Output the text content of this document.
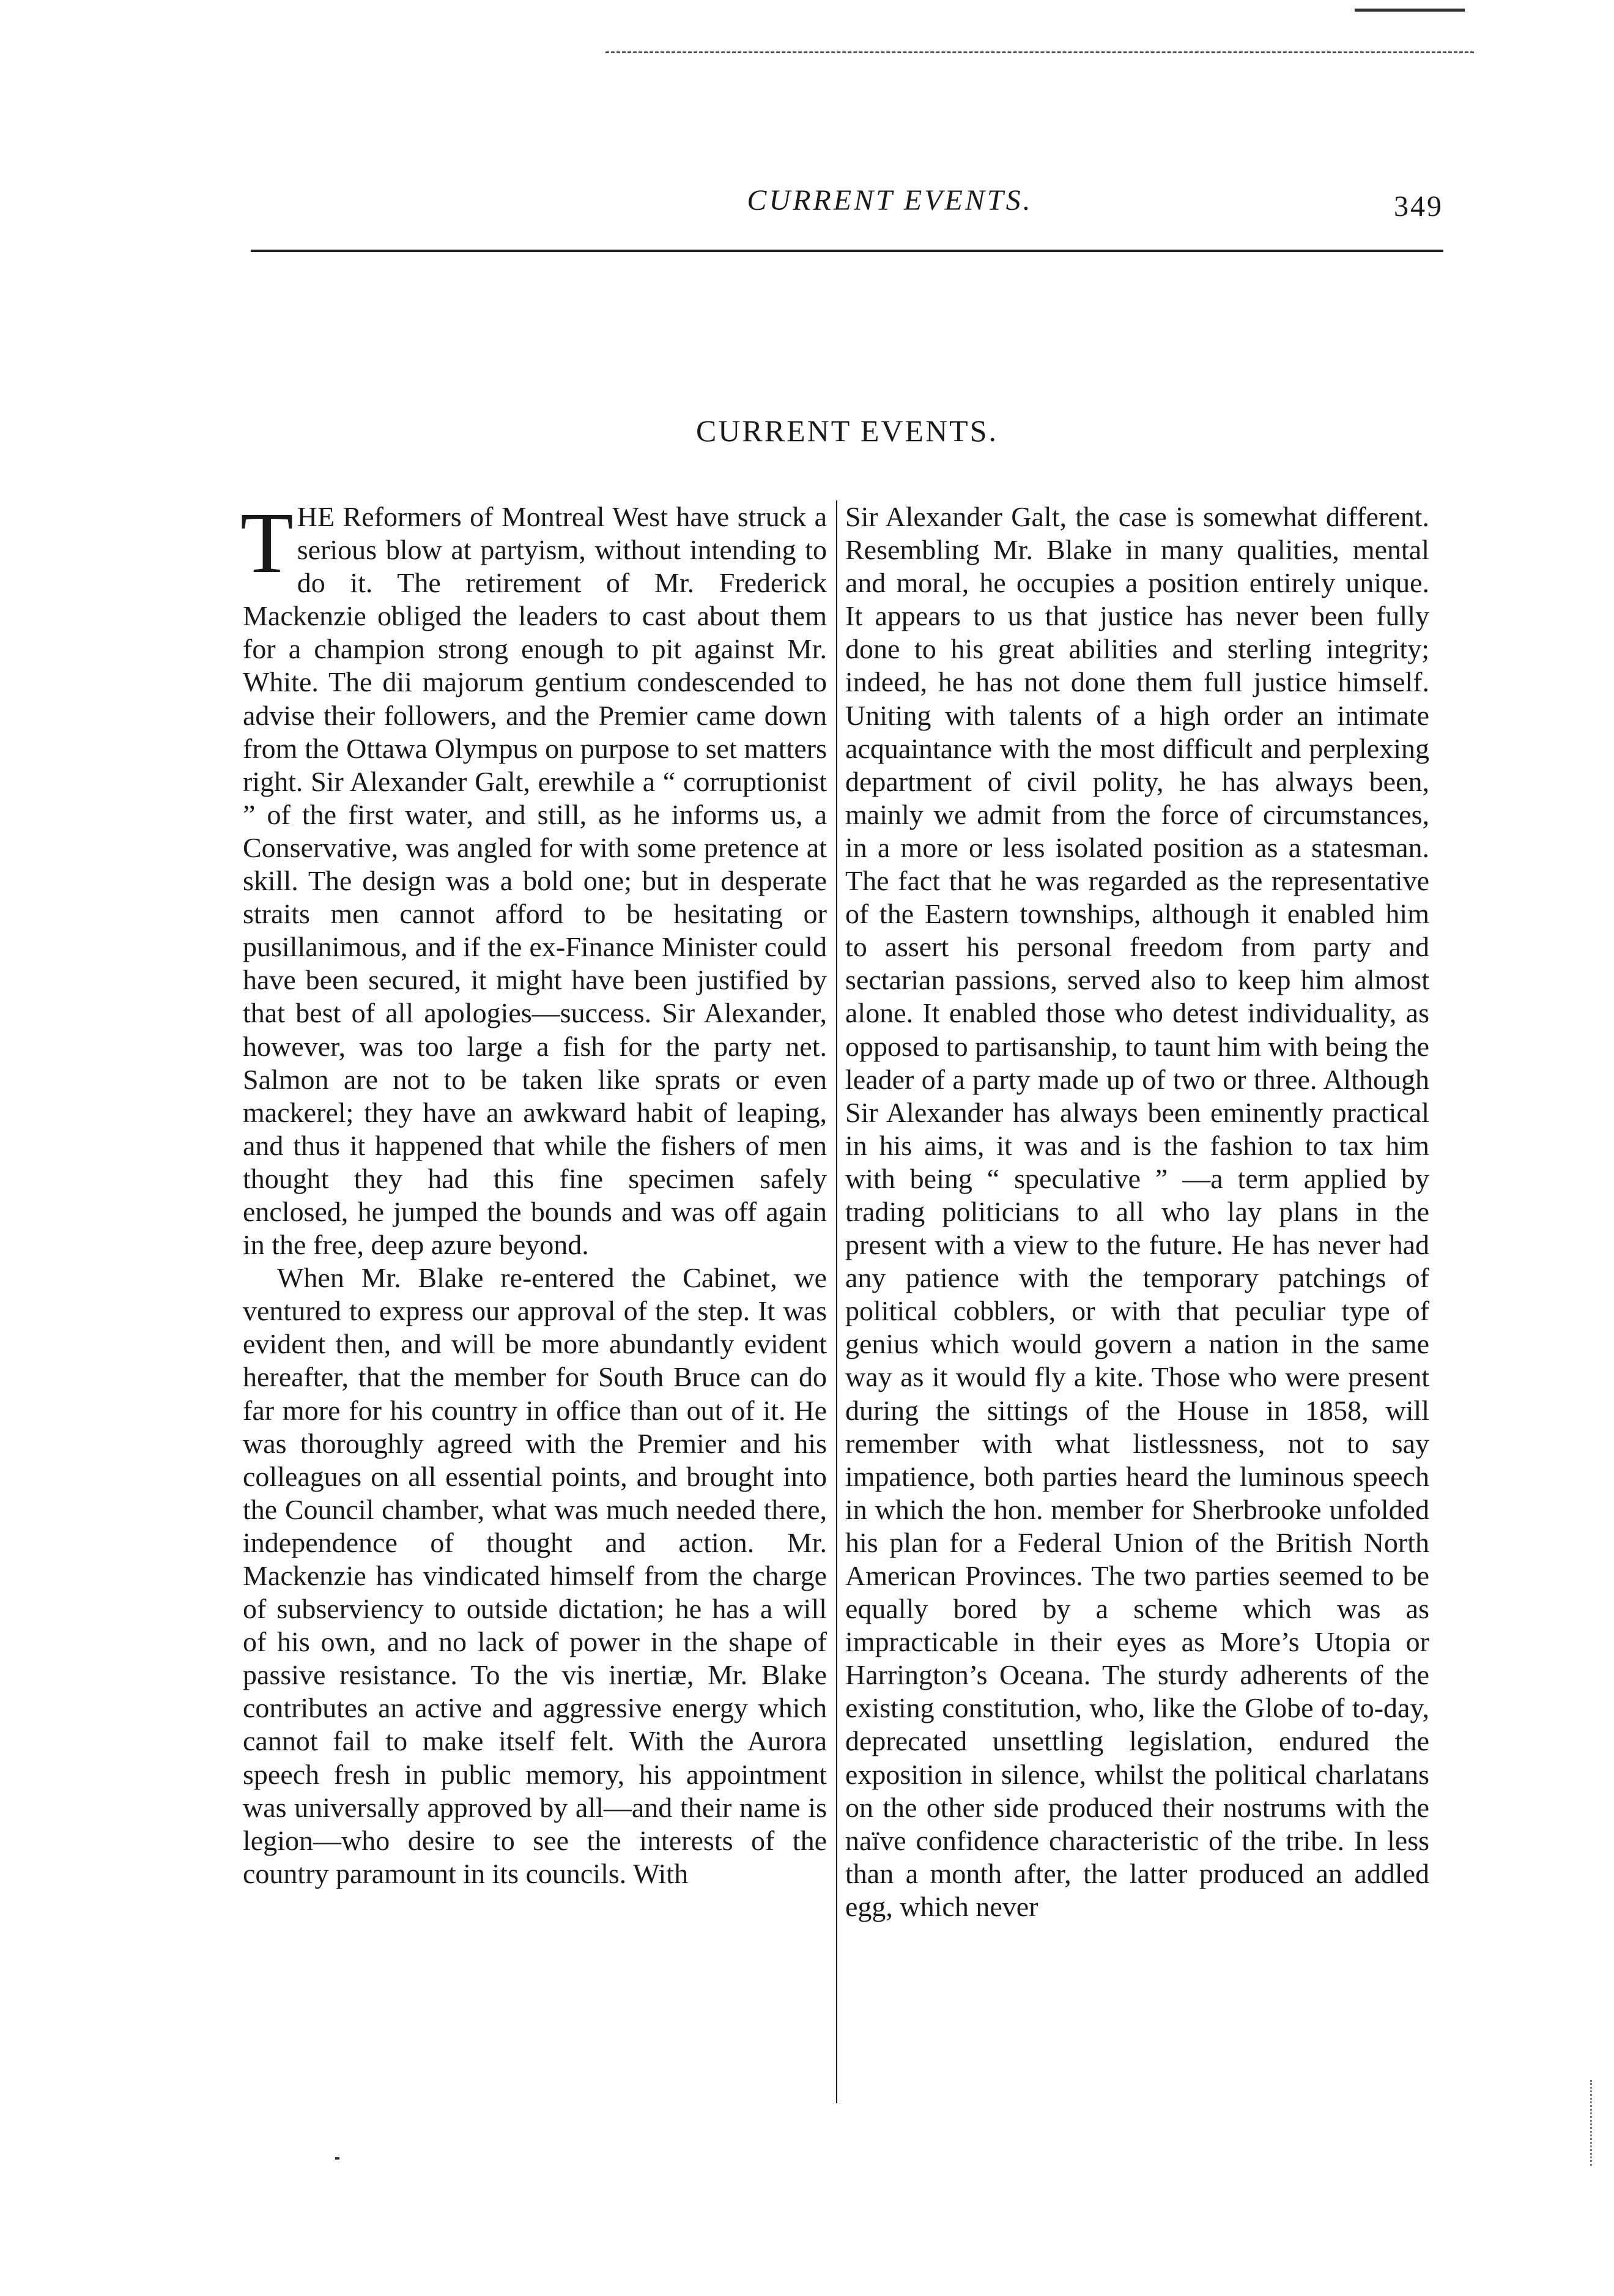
CURRENT EVENTS.	349
CURRENT EVENTS.

THE Reformers of Montreal West have struck a serious blow at partyism, without intending to do it. The retirement of Mr. Frederick Mackenzie obliged the leaders to cast about them for a champion strong enough to pit against Mr. White. The dii majorum gentium condescended to advise their followers, and the Premier came down from the Ottawa Olympus on purpose to set matters right. Sir Alexander Galt, erewhile a “ corruptionist ” of the first water, and still, as he informs us, a Conservative, was angled for with some pretence at skill. The design was a bold one; but in desperate straits men cannot afford to be hesitating or pusillanimous, and if the ex-Finance Minister could have been secured, it might have been justified by that best of all apologies—success. Sir Alexander, however, was too large a fish for the party net. Salmon are not to be taken like sprats or even mackerel; they have an awkward habit of leaping, and thus it happened that while the fishers of men thought they had this fine specimen safely enclosed, he jumped the bounds and was off again in the free, deep azure beyond.

When Mr. Blake re-entered the Cabinet, we ventured to express our approval of the step. It was evident then, and will be more abundantly evident hereafter, that the member for South Bruce can do far more for his country in office than out of it. He was thoroughly agreed with the Premier and his colleagues on all essential points, and brought into the Council chamber, what was much needed there, independence of thought and action. Mr. Mackenzie has vindicated himself from the charge of subserviency to outside dictation; he has a will of his own, and no lack of power in the shape of passive resistance. To the vis inertiæ, Mr. Blake contributes an active and aggressive energy which cannot fail to make itself felt. With the Aurora speech fresh in public memory, his appointment was universally approved by all—and their name is legion—who desire to see the interests of the country paramount in its councils. With

Sir Alexander Galt, the case is somewhat different. Resembling Mr. Blake in many qualities, mental and moral, he occupies a position entirely unique. It appears to us that justice has never been fully done to his great abilities and sterling integrity; indeed, he has not done them full justice himself. Uniting with talents of a high order an intimate acquaintance with the most difficult and perplexing department of civil polity, he has always been, mainly we admit from the force of circumstances, in a more or less isolated position as a statesman. The fact that he was regarded as the representative of the Eastern townships, although it enabled him to assert his personal freedom from party and sectarian passions, served also to keep him almost alone. It enabled those who detest individuality, as opposed to partisanship, to taunt him with being the leader of a party made up of two or three. Although Sir Alexander has always been eminently practical in his aims, it was and is the fashion to tax him with being “ speculative ” —a term applied by trading politicians to all who lay plans in the present with a view to the future. He has never had any patience with the temporary patchings of political cobblers, or with that peculiar type of genius which would govern a nation in the same way as it would fly a kite. Those who were present during the sittings of the House in 1858, will remember with what listlessness, not to say impatience, both parties heard the luminous speech in which the hon. member for Sherbrooke unfolded his plan for a Federal Union of the British North American Provinces. The two parties seemed to be equally bored by a scheme which was as impracticable in their eyes as More’s Utopia or Harrington’s Oceana. The sturdy adherents of the existing constitution, who, like the Globe of to-day, deprecated unsettling legislation, endured the exposition in silence, whilst the political charlatans on the other side produced their nostrums with the naïve confidence characteristic of the tribe. In less than a month after, the latter produced an addled egg, which never
